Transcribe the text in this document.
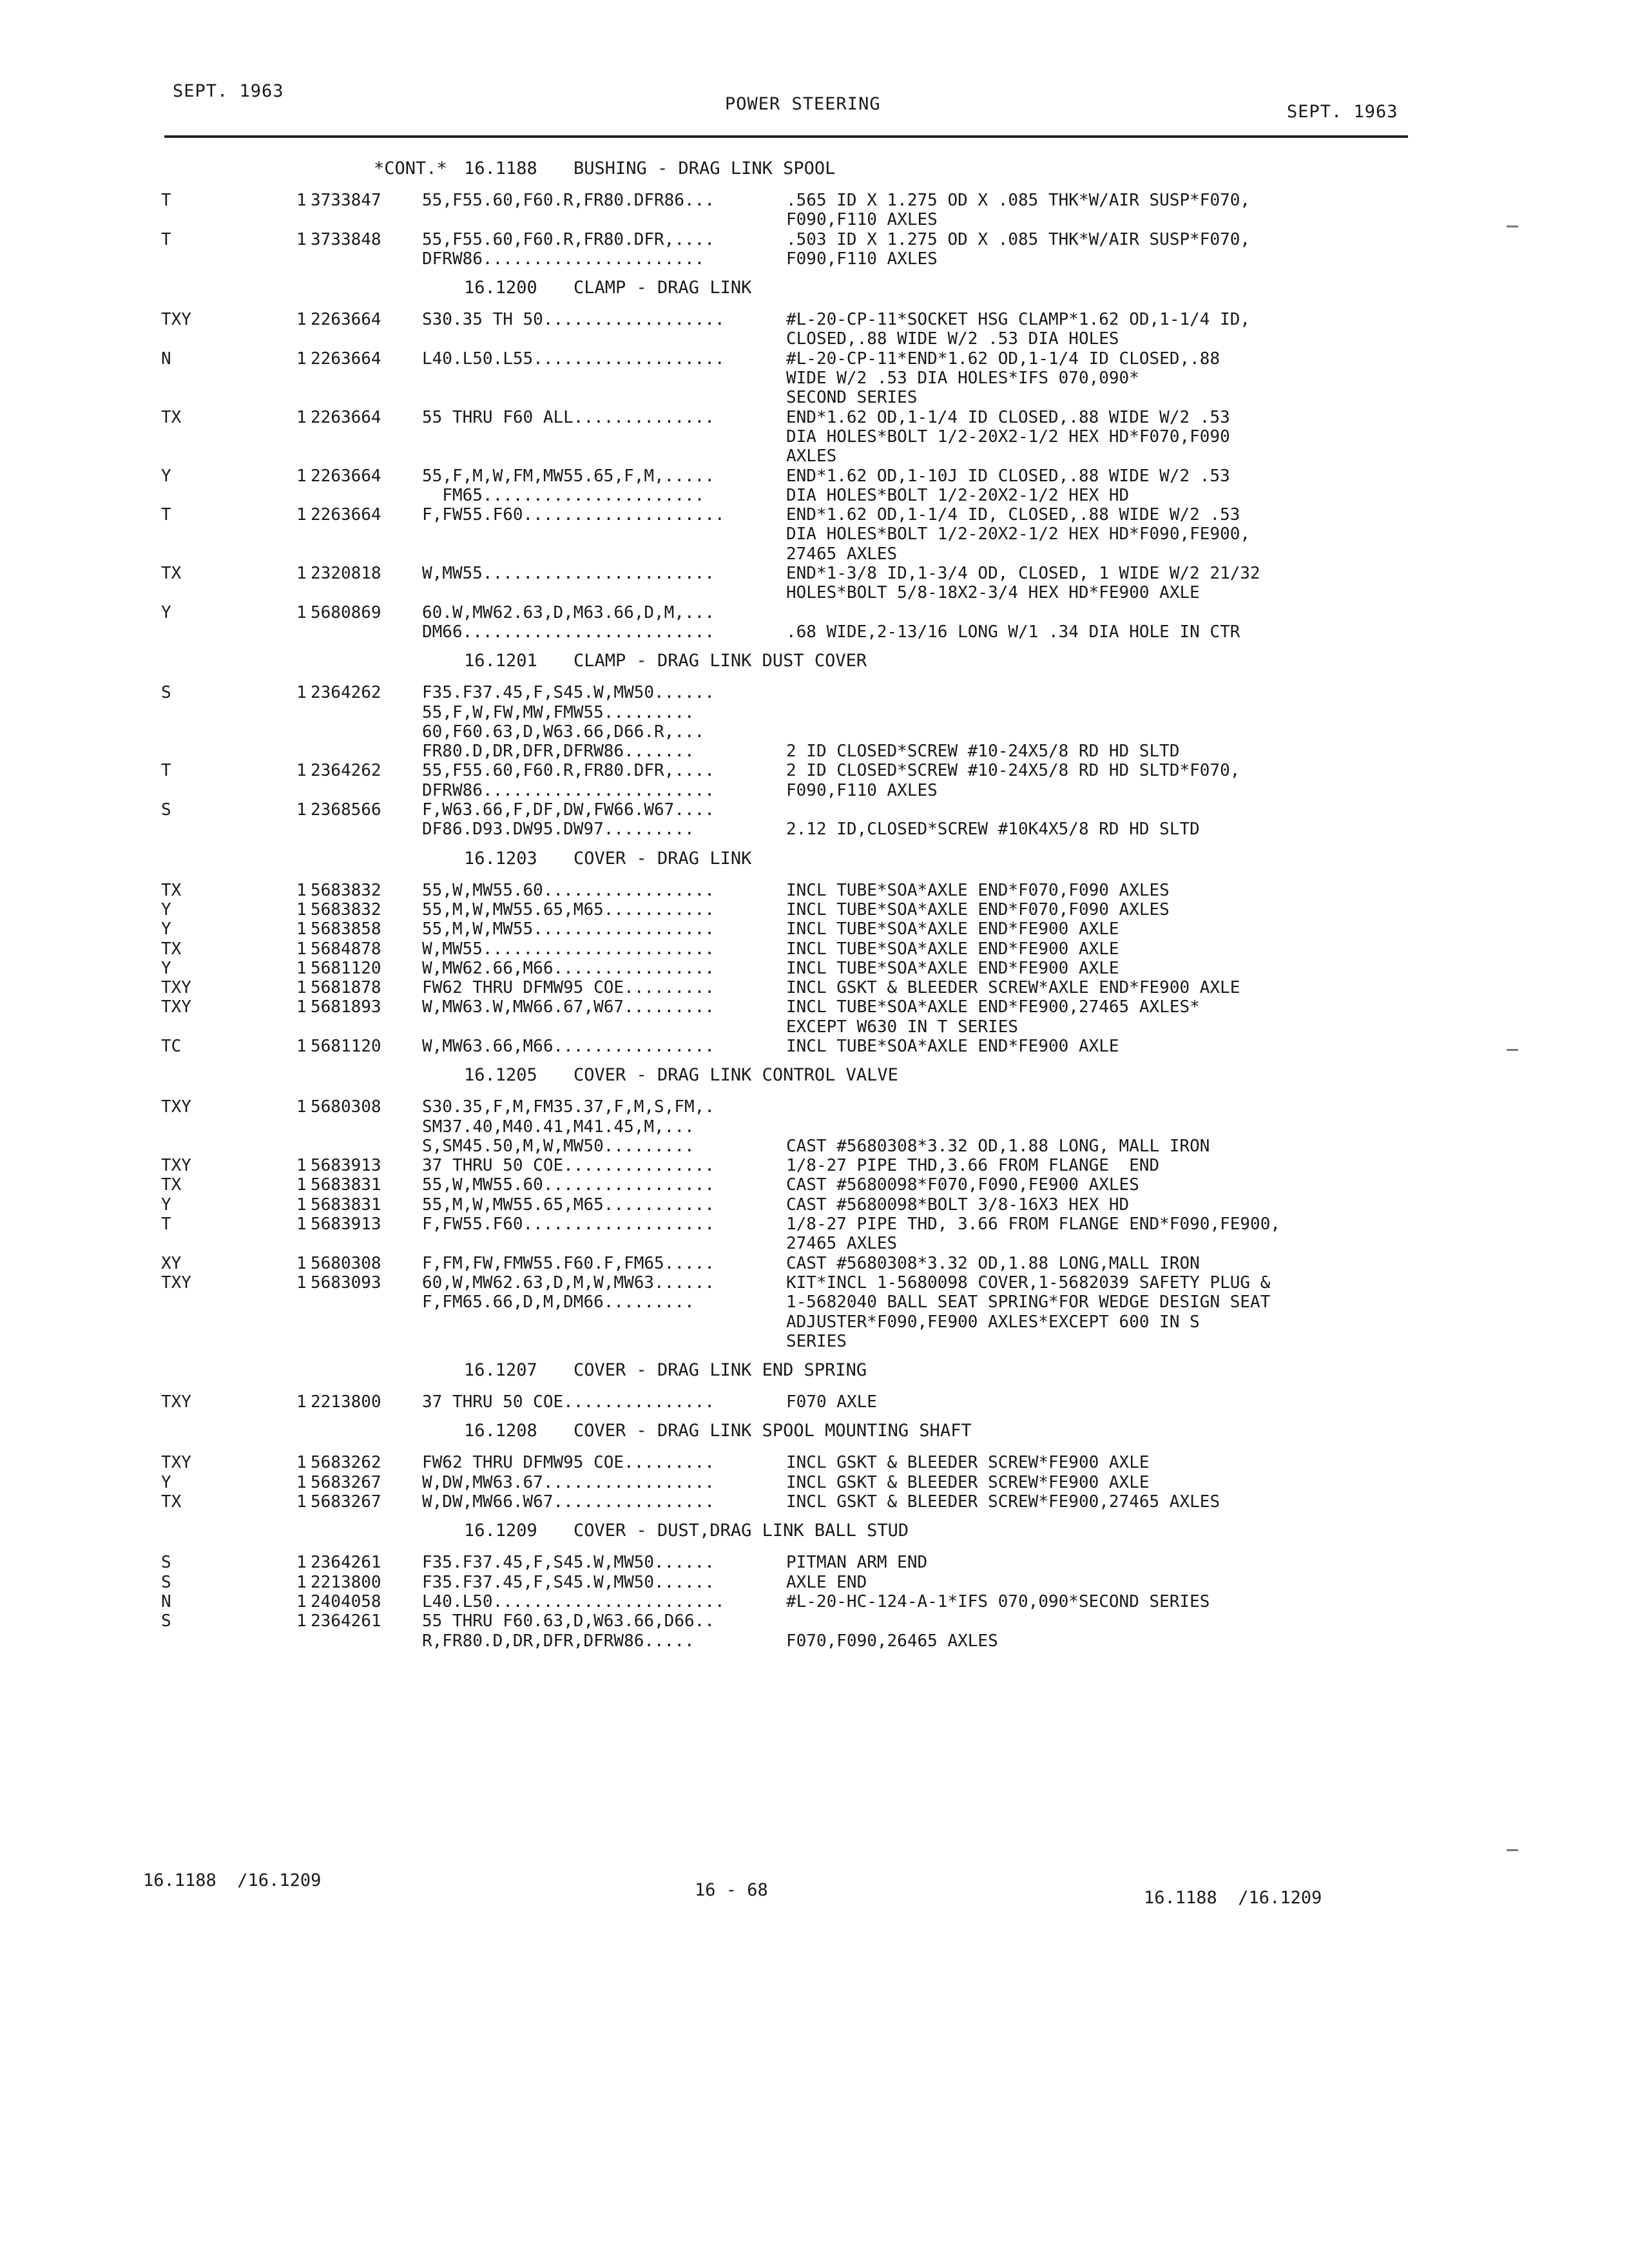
SEPT. 1963
POWER STEERING	SEPT. 1963
*CONT.* 16.1188 BUSHING - DRAG LINK SPOOL
T	1 3733847 55,F55.60,F60.R,FR80.DFR86...	.565 ID X 1.275 OD X .085 THK*W/AIR SUSP*F070,
F090,F110 AXLES
T	1 3733848 55,F55.60,F60.R,FR80.DFR,....	.503 ID X 1.275 OD X .085 THK*W/AIR SUSP*F070,
DFRW86......................	F090,F110 AXLES
16.1200 CLAMP - DRAG LINK
TXY	1 2263664 S30.35 TH 50..................	#L-20-CP-11*SOCKET HSG CLAMP*1.62 OD,1-1/4 ID,
CLOSED,.88 WIDE W/2 .53 DIA HOLES
N	1 2263664 L40.L50.L55...................	#L-20-CP-11*END*1.62 OD,1-1/4 ID CLOSED,.88
WIDE W/2 .53 DIA HOLES*IFS 070,090*
SECOND SERIES
TX	1 2263664 55 THRU F60 ALL..............	END*1.62 OD,1-1/4 ID CLOSED,.88 WIDE W/2 .53
DIA HOLES*BOLT 1/2-20X2-1/2 HEX HD*F070,F090
AXLES
Y	1 2263664 55,F,M,W,FM,MW55.65,F,M,.....	END*1.62 OD,1-10J ID CLOSED,.88 WIDE W/2 .53
FM65......................	DIA HOLES*BOLT 1/2-20X2-1/2 HEX HD
T	1 2263664 F,FW55.F60....................	END*1.62 OD,1-1/4 ID, CLOSED,.88 WIDE W/2 .53
DIA HOLES*BOLT 1/2-20X2-1/2 HEX HD*F090,FE900,
27465 AXLES
TX	1 2320818 W,MW55.......................	END*1-3/8 ID,1-3/4 OD, CLOSED, 1 WIDE W/2 21/32
HOLES*BOLT 5/8-18X2-3/4 HEX HD*FE900 AXLE
Y	1 5680869 60.W,MW62.63,D,M63.66,D,M,...
DM66.........................	.68 WIDE,2-13/16 LONG W/1 .34 DIA HOLE IN CTR
16.1201 CLAMP - DRAG LINK DUST COVER
S	1 2364262 F35.F37.45,F,S45.W,MW50......
55,F,W,FW,MW,FMW55.........
60,F60.63,D,W63.66,D66.R,...
FR80.D,DR,DFR,DFRW86.......	2 ID CLOSED*SCREW #10-24X5/8 RD HD SLTD
T	1 2364262 55,F55.60,F60.R,FR80.DFR,....	2 ID CLOSED*SCREW #10-24X5/8 RD HD SLTD*F070,
DFRW86.......................	F090,F110 AXLES
S	1 2368566 F,W63.66,F,DF,DW,FW66.W67....
DF86.D93.DW95.DW97.........	2.12 ID,CLOSED*SCREW #10K4X5/8 RD HD SLTD
16.1203 COVER - DRAG LINK
TX	1 5683832 55,W,MW55.60.................	INCL TUBE*SOA*AXLE END*F070,F090 AXLES
Y	1 5683832 55,M,W,MW55.65,M65...........	INCL TUBE*SOA*AXLE END*F070,F090 AXLES
Y	1 5683858 55,M,W,MW55..................	INCL TUBE*SOA*AXLE END*FE900 AXLE
TX	1 5684878 W,MW55.......................	INCL TUBE*SOA*AXLE END*FE900 AXLE
Y	1 5681120 W,MW62.66,M66................	INCL TUBE*SOA*AXLE END*FE900 AXLE
TXY	1 5681878 FW62 THRU DFMW95 COE.........	INCL GSKT & BLEEDER SCREW*AXLE END*FE900 AXLE
TXY	1 5681893 W,MW63.W,MW66.67,W67.........	INCL TUBE*SOA*AXLE END*FE900,27465 AXLES*
EXCEPT W630 IN T SERIES
TC	1 5681120 W,MW63.66,M66................	INCL TUBE*SOA*AXLE END*FE900 AXLE
16.1205 COVER - DRAG LINK CONTROL VALVE
TXY	1 5680308 S30.35,F,M,FM35.37,F,M,S,FM,.
SM37.40,M40.41,M41.45,M,...
S,SM45.50,M,W,MW50.........	CAST #5680308*3.32 OD,1.88 LONG, MALL IRON
TXY	1 5683913 37 THRU 50 COE...............	1/8-27 PIPE THD,3.66 FROM FLANGE  END
TX	1 5683831 55,W,MW55.60.................	CAST #5680098*F070,F090,FE900 AXLES
Y	1 5683831 55,M,W,MW55.65,M65...........	CAST #5680098*BOLT 3/8-16X3 HEX HD
T	1 5683913 F,FW55.F60...................	1/8-27 PIPE THD, 3.66 FROM FLANGE END*F090,FE900,
27465 AXLES
XY	1 5680308 F,FM,FW,FMW55.F60.F,FM65.....	CAST #5680308*3.32 OD,1.88 LONG,MALL IRON
TXY	1 5683093 60,W,MW62.63,D,M,W,MW63......	KIT*INCL 1-5680098 COVER,1-5682039 SAFETY PLUG &
F,FM65.66,D,M,DM66.........	1-5682040 BALL SEAT SPRING*FOR WEDGE DESIGN SEAT
ADJUSTER*F090,FE900 AXLES*EXCEPT 600 IN S
SERIES
16.1207 COVER - DRAG LINK END SPRING
TXY	1 2213800 37 THRU 50 COE...............	F070 AXLE
16.1208 COVER - DRAG LINK SPOOL MOUNTING SHAFT
TXY	1 5683262 FW62 THRU DFMW95 COE.........	INCL GSKT & BLEEDER SCREW*FE900 AXLE
Y	1 5683267 W,DW,MW63.67.................	INCL GSKT & BLEEDER SCREW*FE900 AXLE
TX	1 5683267 W,DW,MW66.W67................	INCL GSKT & BLEEDER SCREW*FE900,27465 AXLES
16.1209 COVER - DUST,DRAG LINK BALL STUD
S	1 2364261 F35.F37.45,F,S45.W,MW50......	PITMAN ARM END
S	1 2213800 F35.F37.45,F,S45.W,MW50......	AXLE END
N	1 2404058 L40.L50.......................	#L-20-HC-124-A-1*IFS 070,090*SECOND SERIES
S	1 2364261 55 THRU F60.63,D,W63.66,D66..
R,FR80.D,DR,DFR,DFRW86.....	F070,F090,26465 AXLES
16.1188  /16.1209	16 - 68	16.1188  /16.1209
